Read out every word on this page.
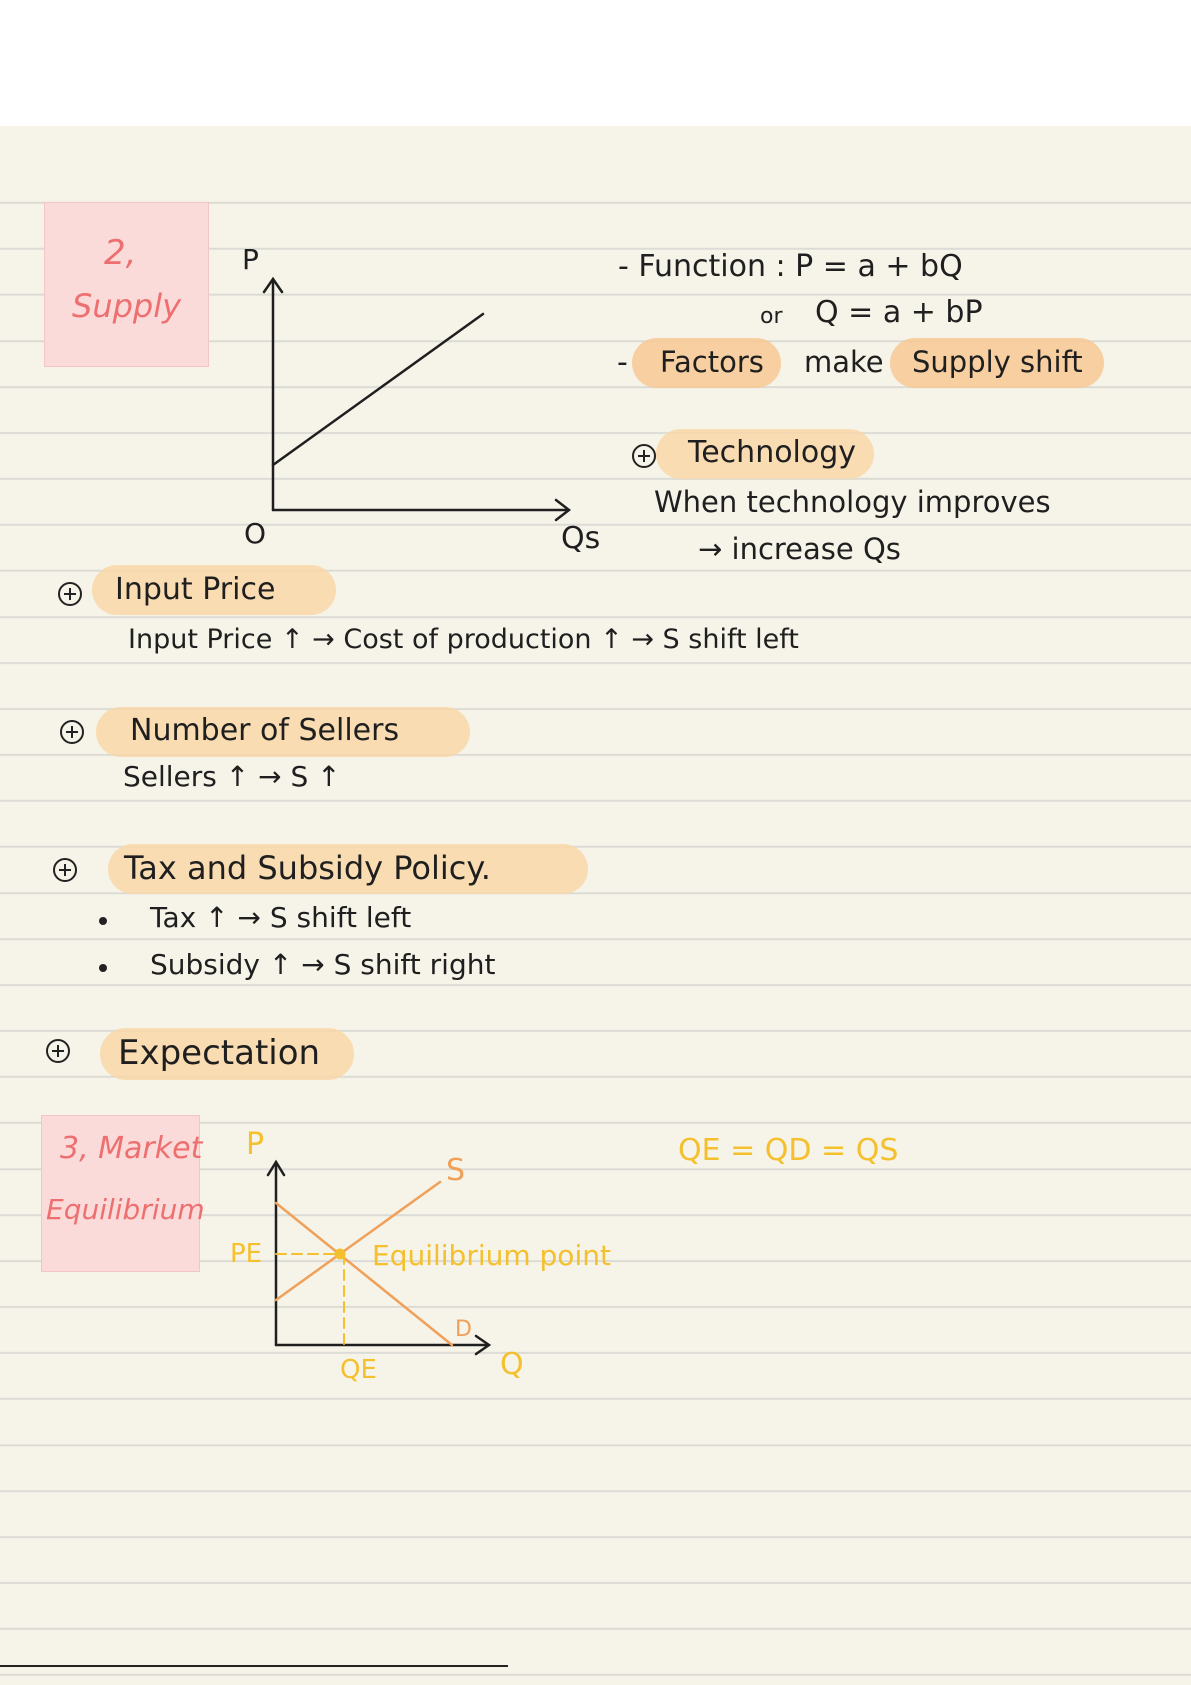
2,
Supply
P
Qs
O
- Function : P = a + bQ
or Q = a + bP
- Factors make Supply shift
Technology
When technology improves
→ increase Qs
Input Price
Input Price ↑ → Cost of production ↑ → S shift left
Number of Sellers
Sellers ↑ → S ↑
Tax and Subsidy Policy.
Tax ↑ → S shift left
Subsidy ↑ → S shift right
Expectation
3, Market
Equilibrium
P
S
D
PE
QE	Q
Equilibrium point
QE = QD = QS
